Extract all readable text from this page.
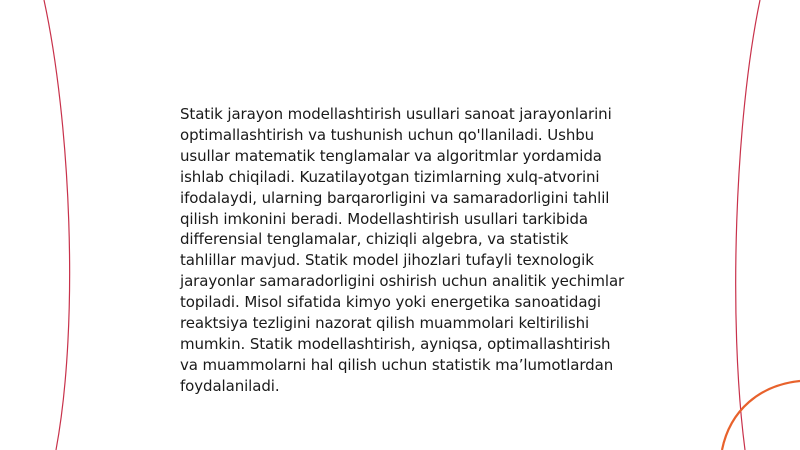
Statik jarayon modellashtirish usullari sanoat jarayonlarini optimallashtirish va tushunish uchun qo'llaniladi. Ushbu usullar matematik tenglamalar va algoritmlar yordamida ishlab chiqiladi. Kuzatilayotgan tizimlarning xulq-atvorini ifodalaydi, ularning barqarorligini va samaradorligini tahlil qilish imkonini beradi. Modellashtirish usullari tarkibida differensial tenglamalar, chiziqli algebra, va statistik tahlillar mavjud. Statik model jihozlari tufayli texnologik jarayonlar samaradorligini oshirish uchun analitik yechimlar topiladi. Misol sifatida kimyo yoki energetika sanoatidagi reaktsiya tezligini nazorat qilish muammolari keltirilishi mumkin. Statik modellashtirish, ayniqsa, optimallashtirish va muammolarni hal qilish uchun statistik ma’lumotlardan foydalaniladi.
